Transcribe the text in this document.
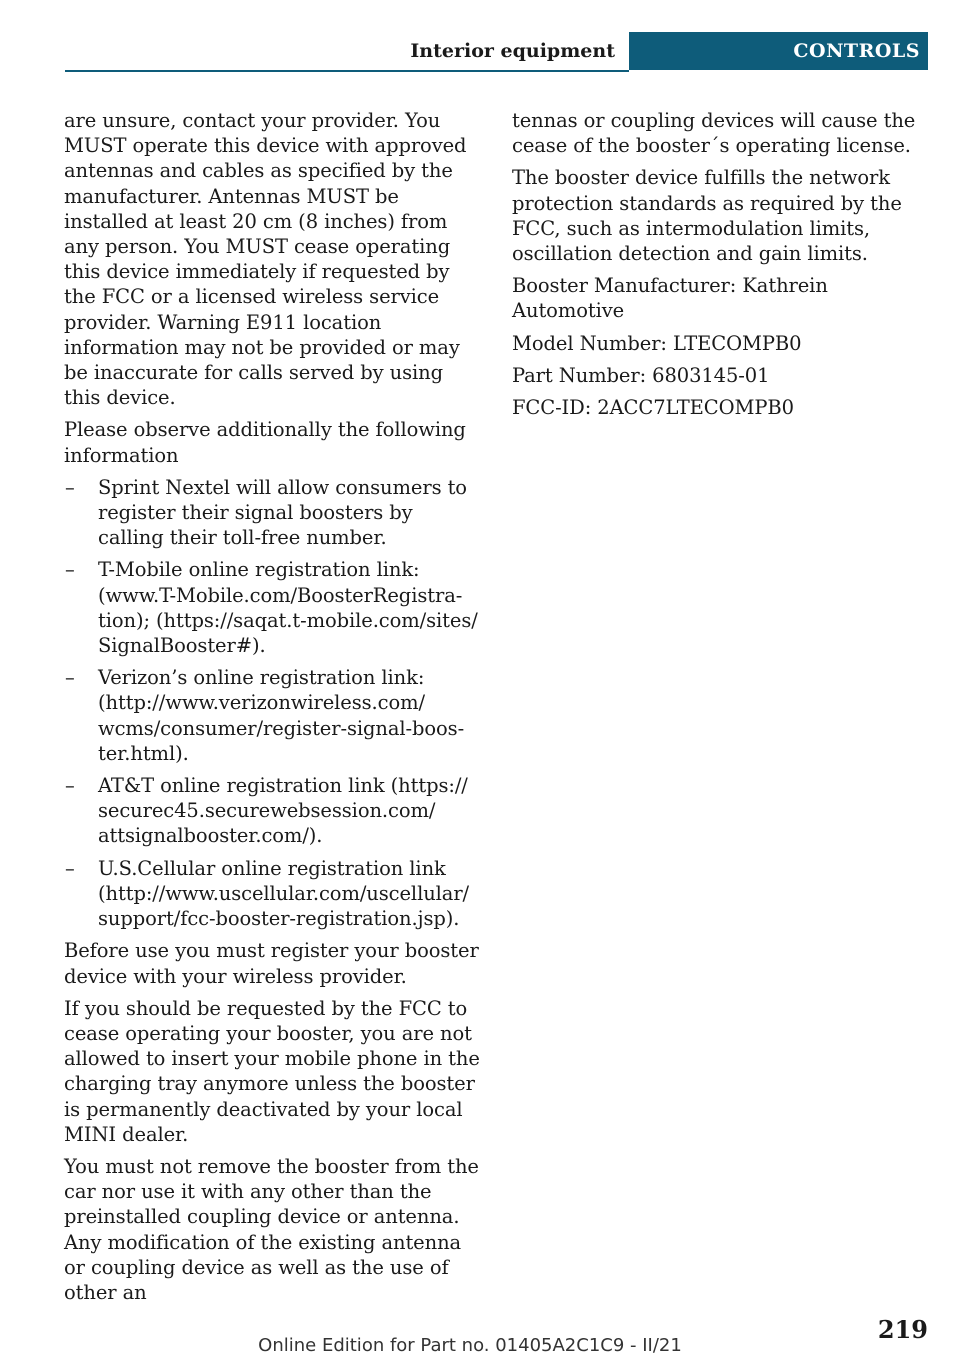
Interior equipment	CONTROLS

are unsure, contact your provider. You MUST operate this device with approved antennas and cables as specified by the manufacturer. Antennas MUST be installed at least 20 cm (8 inches) from any person. You MUST cease operating this device immediately if requested by the FCC or a licensed wireless service provider. Warning E911 location information may not be provided or may be inaccurate for calls served by using this device.

Please observe additionally the following information

– Sprint Nextel will allow consumers to register their signal boosters by calling their toll-free number.
– T-Mobile online registration link: (www.T-Mobile.com/BoosterRegistration); (https://saqat.t-mobile.com/sites/ SignalBooster#).
– Verizon’s online registration link: (http://www.verizonwireless.com/ wcms/consumer/register-signal-booster.html).
– AT&T online registration link (https:// securec45.securewebsession.com/ attsignalbooster.com/).
– U.S.Cellular online registration link (http://www.uscellular.com/uscellular/ support/fcc-booster-registration.jsp).

Before use you must register your booster device with your wireless provider.

If you should be requested by the FCC to cease operating your booster, you are not allowed to insert your mobile phone in the charging tray anymore unless the booster is permanently deactivated by your local MINI dealer.

You must not remove the booster from the car nor use it with any other than the preinstalled coupling device or antenna. Any modification of the existing antenna or coupling device as well as the use of other an

tennas or coupling devices will cause the cease of the booster´s operating license.

The booster device fulfills the network protection standards as required by the FCC, such as intermodulation limits, oscillation detection and gain limits.

Booster Manufacturer: Kathrein Automotive

Model Number: LTECOMPB0

Part Number: 6803145-01

FCC-ID: 2ACC7LTECOMPB0

219
Online Edition for Part no. 01405A2C1C9 - II/21
